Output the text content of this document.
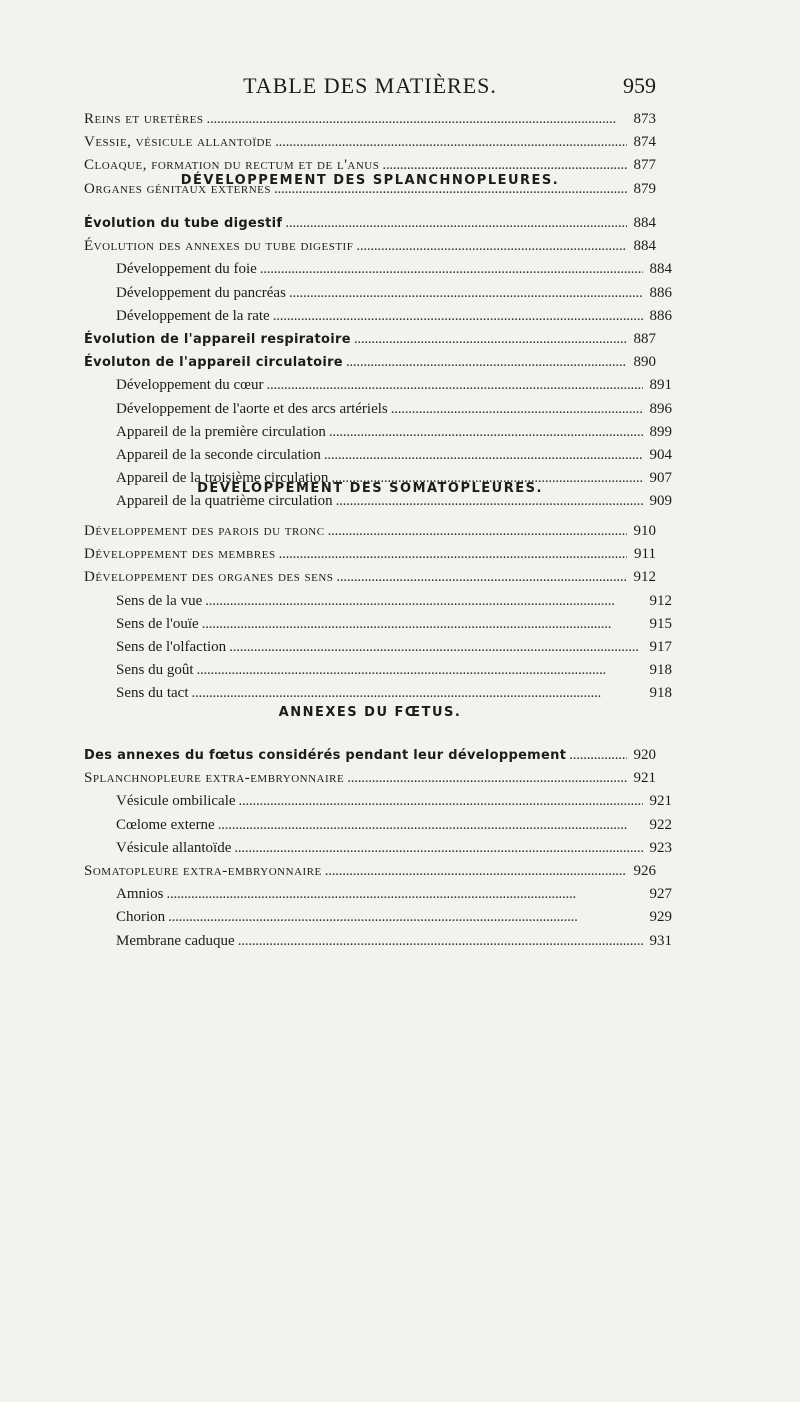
TABLE DES MATIÈRES.	959
Reins et uretères . . .	873
Vessie, vésicule allantoïde . . .	874
Cloaque, formation du rectum et de l'anus . . .	877
Organes génitaux externes . . .	879
DÉVELOPPEMENT DES SPLANCHNOPLEURES.
Évolution du tube digestif . . .	884
Évolution des annexes du tube digestif . . .	884
Développement du foie . . .	884
Développement du pancréas . . .	886
Développement de la rate . . .	886
Évolution de l'appareil respiratoire . . .	887
Évoluton de l'appareil circulatoire . . .	890
Développement du cœur . . .	891
Développement de l'aorte et des arcs artériels . . .	896
Appareil de la première circulation . . .	899
Appareil de la seconde circulation . . .	904
Appareil de la troisième circulation . . .	907
Appareil de la quatrième circulation . . .	909
DÉVELOPPEMENT DES SOMATOPLEURES.
Développement des parois du tronc . . .	910
Développement des membres . . .	911
Développement des organes des sens . . .	912
Sens de la vue . . .	912
Sens de l'ouïe . . .	915
Sens de l'olfaction . . .	917
Sens du goût . . .	918
Sens du tact . . .	918
ANNEXES DU FŒTUS.
Des annexes du fœtus considérés pendant leur développement . . .	920
Splanchnopleure extra-embryonnaire . . .	921
Vésicule ombilicale . . .	921
Cœlome externe . . .	922
Vésicule allantoïde . . .	923
Somatopleure extra-embryonnaire . . .	926
Amnios . . .	927
Chorion . . .	929
Membrane caduque . . .	931
